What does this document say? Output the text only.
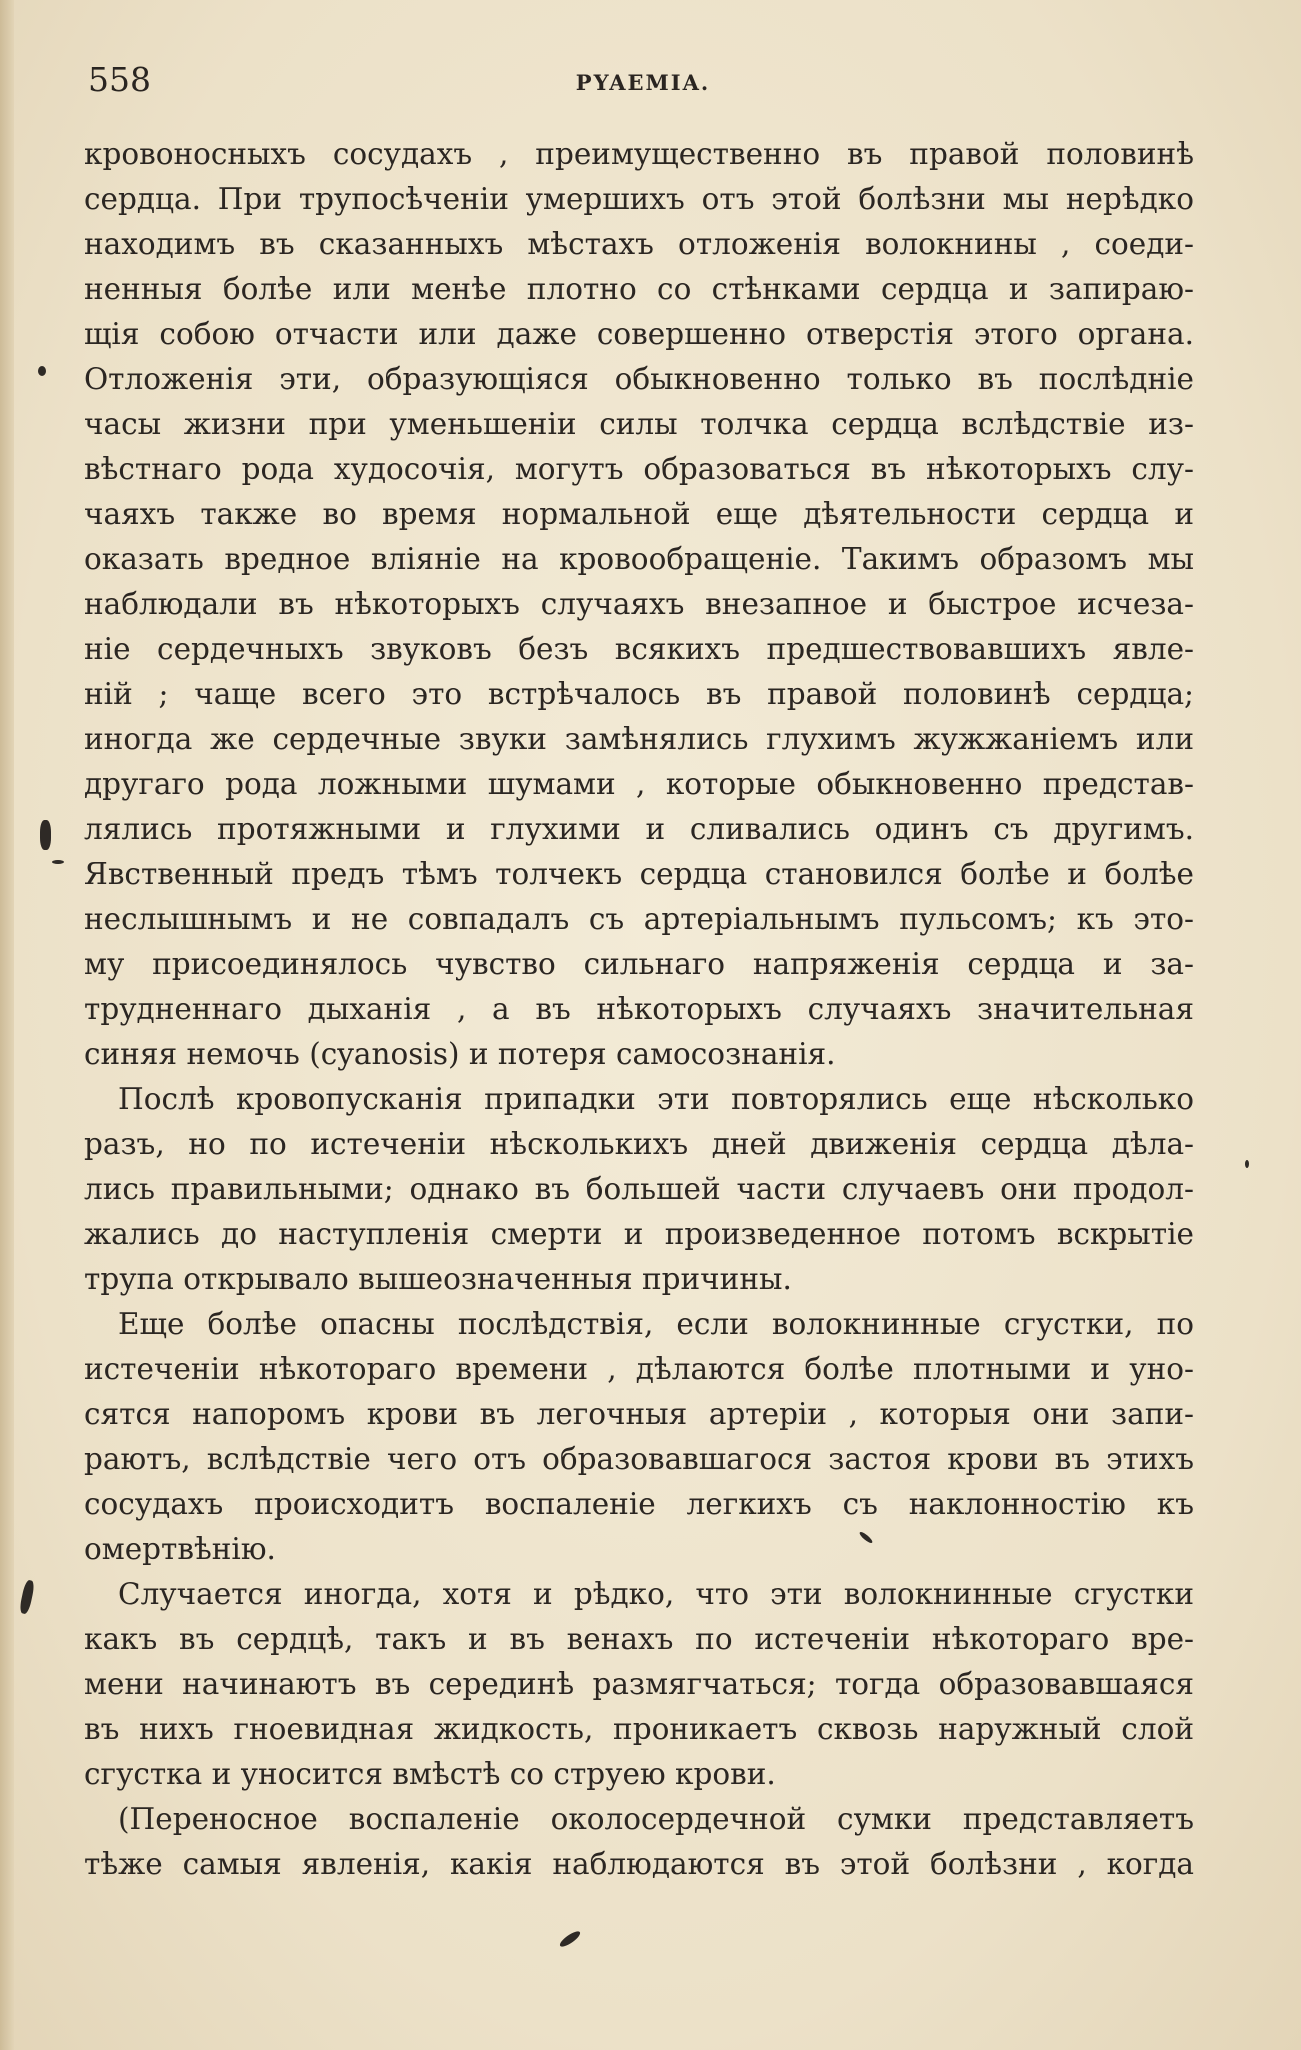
558	PYAEMIA.
кровоносныхъ сосудахъ , преимущественно въ правой половинѣ
сердца. При трупосѣченіи умершихъ отъ этой болѣзни мы нерѣдко
находимъ въ сказанныхъ мѣстахъ отложенія волокнины , соеди-
ненныя болѣе или менѣе плотно со стѣнками сердца и запираю-
щія собою отчасти или даже совершенно отверстія этого органа.
Отложенія эти, образующіяся обыкновенно только въ послѣдніе
часы жизни при уменьшеніи силы толчка сердца вслѣдствіе из-
вѣстнаго рода худосочія, могутъ образоваться въ нѣкоторыхъ слу-
чаяхъ также во время нормальной еще дѣятельности сердца и
оказать вредное вліяніе на кровообращеніе. Такимъ образомъ мы
наблюдали въ нѣкоторыхъ случаяхъ внезапное и быстрое исчеза-
ніе сердечныхъ звуковъ безъ всякихъ предшествовавшихъ явле-
ній ; чаще всего это встрѣчалось въ правой половинѣ сердца;
иногда же сердечные звуки замѣнялись глухимъ жужжаніемъ или
другаго рода ложными шумами , которые обыкновенно представ-
лялись протяжными и глухими и сливались одинъ съ другимъ.
Явственный предъ тѣмъ толчекъ сердца становился болѣе и болѣе
неслышнымъ и не совпадалъ съ артеріальнымъ пульсомъ; къ это-
му присоединялось чувство сильнаго напряженія сердца и за-
трудненнаго дыханія , а въ нѣкоторыхъ случаяхъ значительная
синяя немочь (cyanosis) и потеря самосознанія.
Послѣ кровопусканія припадки эти повторялись еще нѣсколько
разъ, но по истеченіи нѣсколькихъ дней движенія сердца дѣла-
лись правильными; однако въ большей части случаевъ они продол-
жались до наступленія смерти и произведенное потомъ вскрытіе
трупа открывало вышеозначенныя причины.
Еще болѣе опасны послѣдствія, если волокнинные сгустки, по
истеченіи нѣкотораго времени , дѣлаются болѣе плотными и уно-
сятся напоромъ крови въ легочныя артеріи , которыя они запи-
раютъ, вслѣдствіе чего отъ образовавшагося застоя крови въ этихъ
сосудахъ происходитъ воспаленіе легкихъ съ наклонностію къ
омертвѣнію.
Случается иногда, хотя и рѣдко, что эти волокнинные сгустки
какъ въ сердцѣ, такъ и въ венахъ по истеченіи нѣкотораго вре-
мени начинаютъ въ серединѣ размягчаться; тогда образовавшаяся
въ нихъ гноевидная жидкость, проникаетъ сквозь наружный слой
сгустка и уносится вмѣстѣ со струею крови.
(Переносное воспаленіе околосердечной сумки представляетъ
тѣже самыя явленія, какія наблюдаются въ этой болѣзни , когда
